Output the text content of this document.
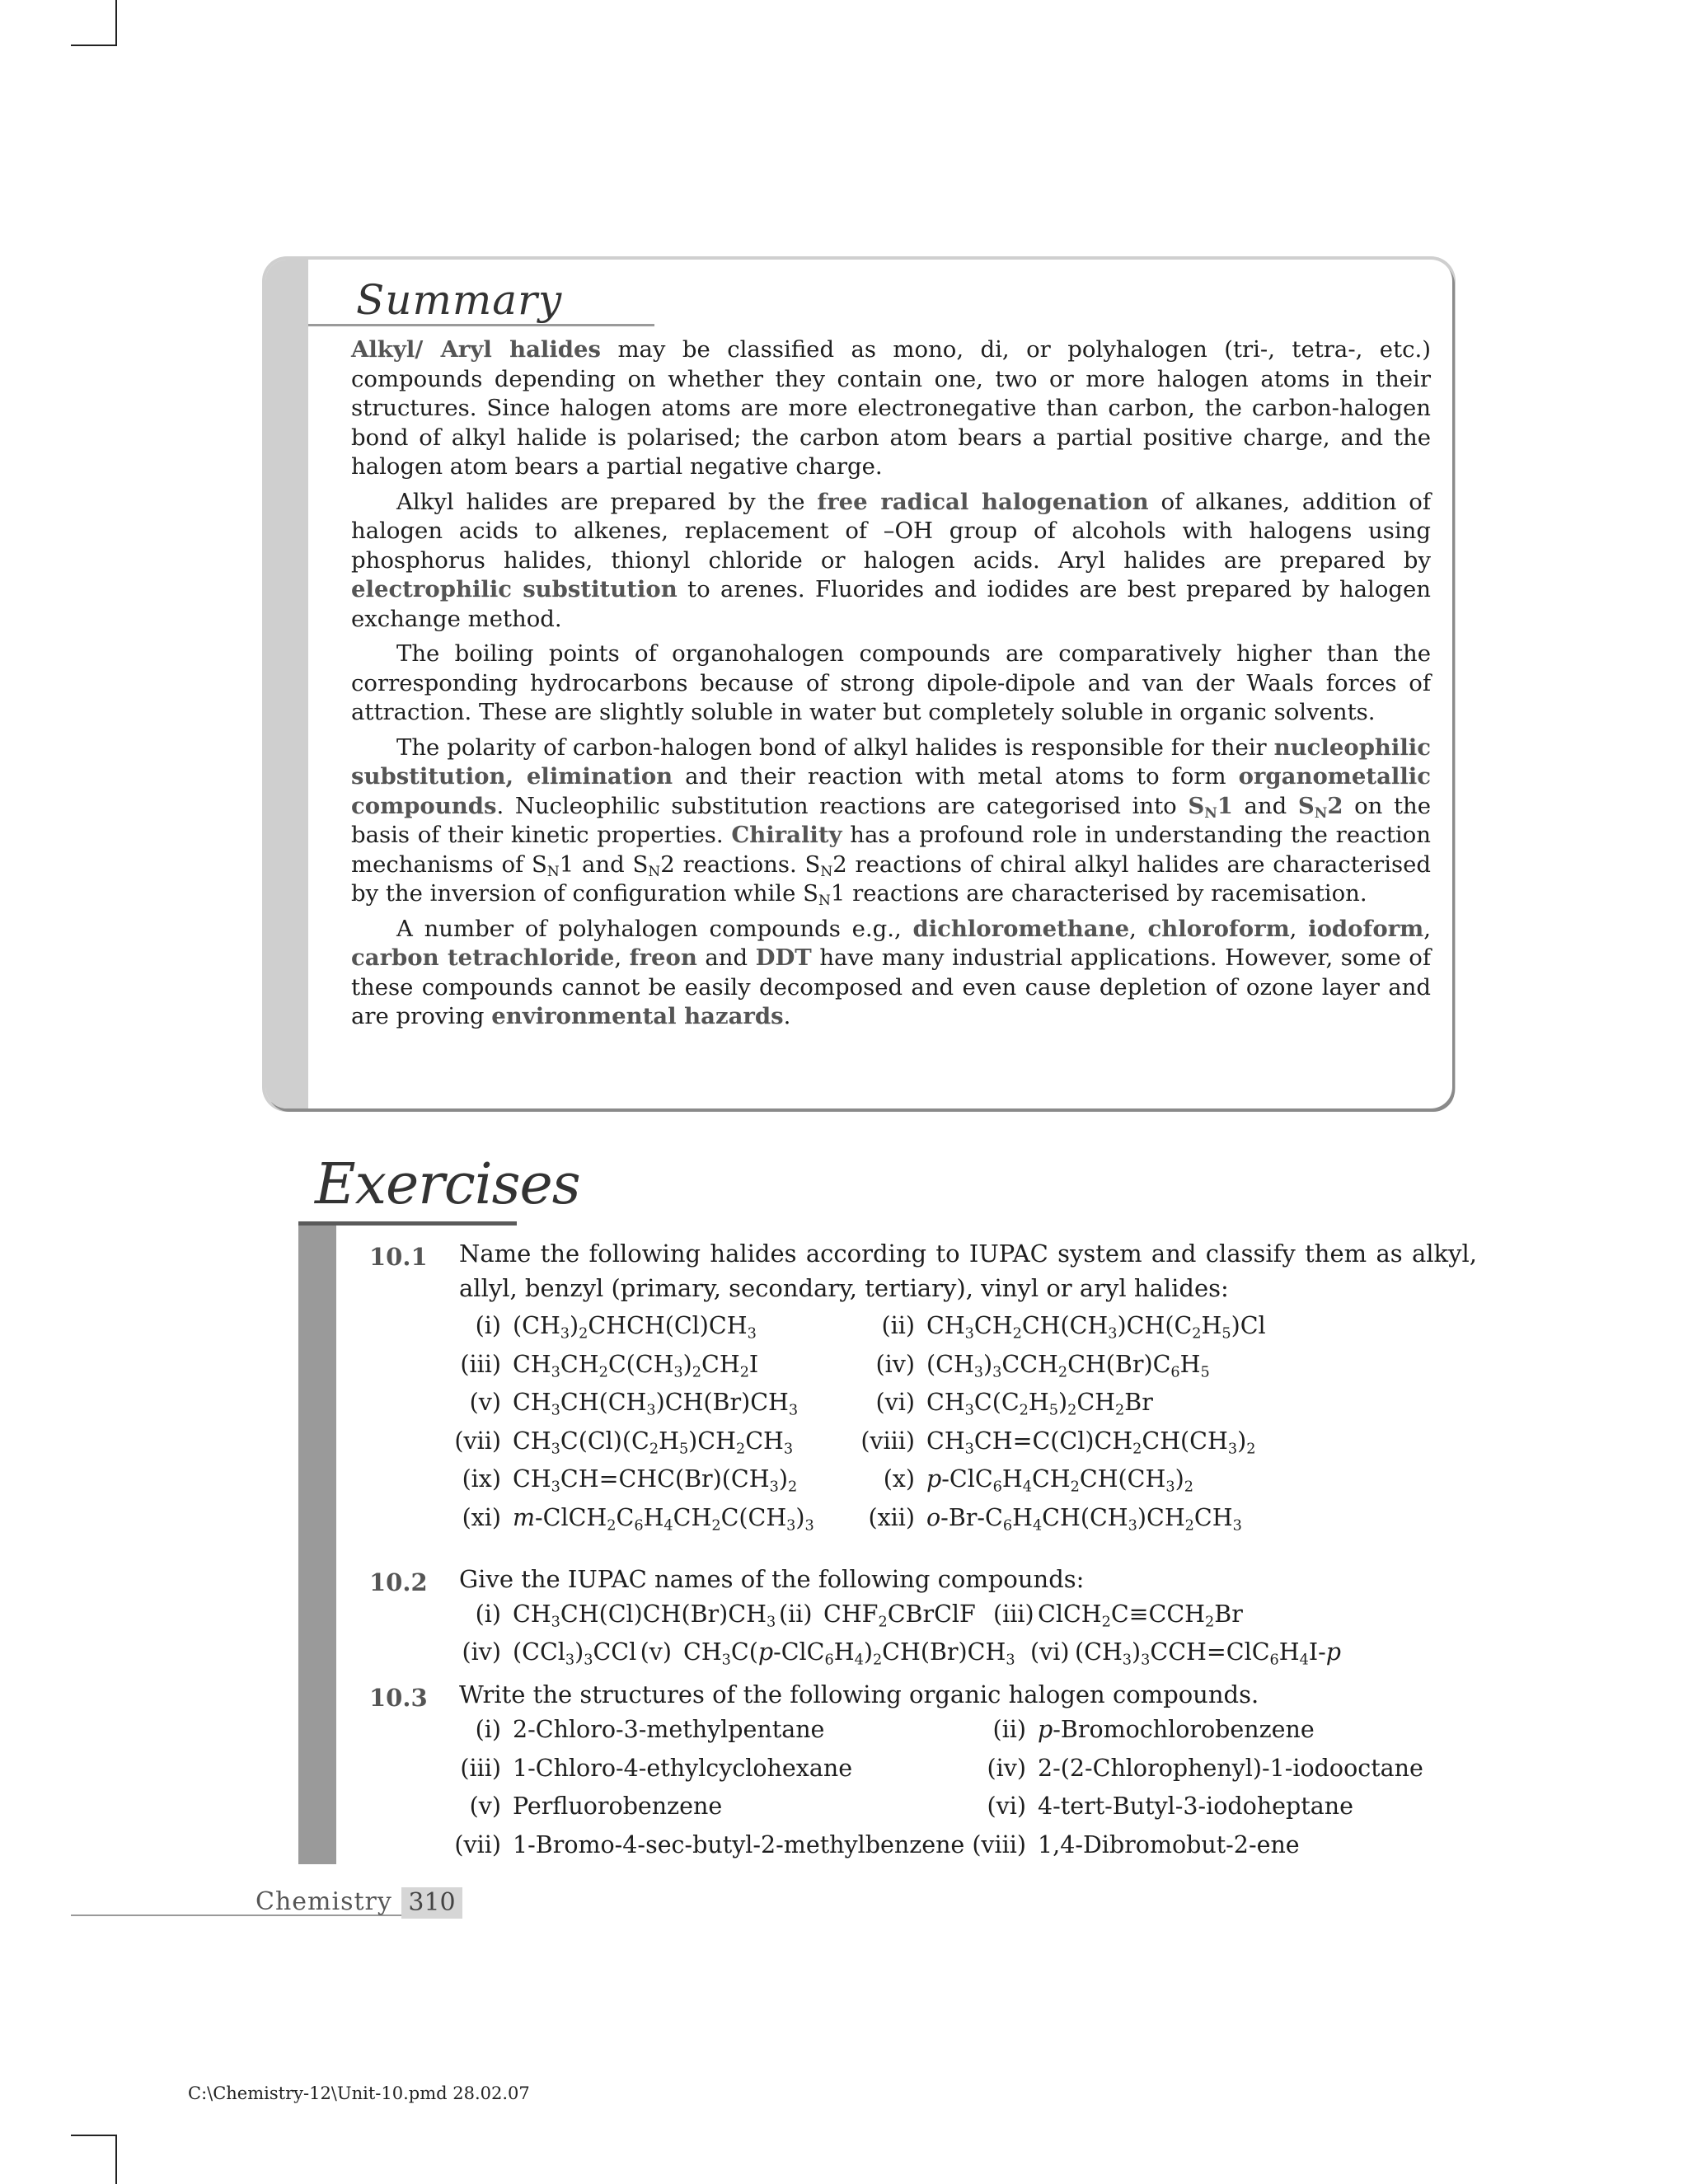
Summary

Alkyl/ Aryl halides may be classified as mono, di, or polyhalogen (tri-, tetra-, etc.) compounds depending on whether they contain one, two or more halogen atoms in their structures. Since halogen atoms are more electronegative than carbon, the carbon-halogen bond of alkyl halide is polarised; the carbon atom bears a partial positive charge, and the halogen atom bears a partial negative charge.

Alkyl halides are prepared by the free radical halogenation of alkanes, addition of halogen acids to alkenes, replacement of –OH group of alcohols with halogens using phosphorus halides, thionyl chloride or halogen acids. Aryl halides are prepared by electrophilic substitution to arenes. Fluorides and iodides are best prepared by halogen exchange method.

The boiling points of organohalogen compounds are comparatively higher than the corresponding hydrocarbons because of strong dipole-dipole and van der Waals forces of attraction. These are slightly soluble in water but completely soluble in organic solvents.

The polarity of carbon-halogen bond of alkyl halides is responsible for their nucleophilic substitution, elimination and their reaction with metal atoms to form organometallic compounds. Nucleophilic substitution reactions are categorised into $S_N1$ and $S_N2$ on the basis of their kinetic properties. Chirality has a profound role in understanding the reaction mechanisms of $S_N1$ and $S_N2$ reactions. $S_N2$ reactions of chiral alkyl halides are characterised by the inversion of configuration while $S_N1$ reactions are characterised by racemisation.

A number of polyhalogen compounds e.g., dichloromethane, chloroform, iodoform, carbon tetrachloride, freon and DDT have many industrial applications. However, some of these compounds cannot be easily decomposed and even cause depletion of ozone layer and are proving environmental hazards.

Exercises
10.1 Name the following halides according to IUPAC system and classify them as alkyl, allyl, benzyl (primary, secondary, tertiary), vinyl or aryl halides:
(i) $(CH_3)_2CHCH(Cl)CH_3$	(ii) $CH_3CH_2CH(CH_3)CH(C_2H_5)Cl$
(iii) $CH_3CH_2C(CH_3)_2CH_2I$	(iv) $(CH_3)_3CCH_2CH(Br)C_6H_5$
(v) $CH_3CH(CH_3)CH(Br)CH_3$	(vi) $CH_3C(C_2H_5)_2CH_2Br$
(vii) $CH_3C(Cl)(C_2H_5)CH_2CH_3$	(viii) $CH_3CH=C(Cl)CH_2CH(CH_3)_2$
(ix) $CH_3CH=CHC(Br)(CH_3)_2$	(x) $p-ClC_6H_4CH_2CH(CH_3)_2$
(xi) $m-ClCH_2C_6H_4CH_2C(CH_3)_3$	(xii) $o-Br-C_6H_4CH(CH_3)CH_2CH_3$
10.2 Give the IUPAC names of the following compounds:
(i) $CH_3CH(Cl)CH(Br)CH_3$ (ii) $CHF_2CBrClF$ (iii) $ClCH_2C\equiv CCH_2Br$
(iv) $(CCl_3)_3CCl$ (v) $CH_3C(p-ClC_6H_4)_2CH(Br)CH_3$ (vi) $(CH_3)_3CCH=ClC_6H_4I-p$
10.3 Write the structures of the following organic halogen compounds.
(i) 2-Chloro-3-methylpentane	(ii) p-Bromochlorobenzene
(iii) 1-Chloro-4-ethylcyclohexane	(iv) 2-(2-Chlorophenyl)-1-iodooctane
(v) Perfluorobenzene	(vi) 4-tert-Butyl-3-iodoheptane
(vii) 1-Bromo-4-sec-butyl-2-methylbenzene (viii) 1,4-Dibromobut-2-ene
Chemistry 310
C:\Chemistry-12\Unit-10.pmd 28.02.07
